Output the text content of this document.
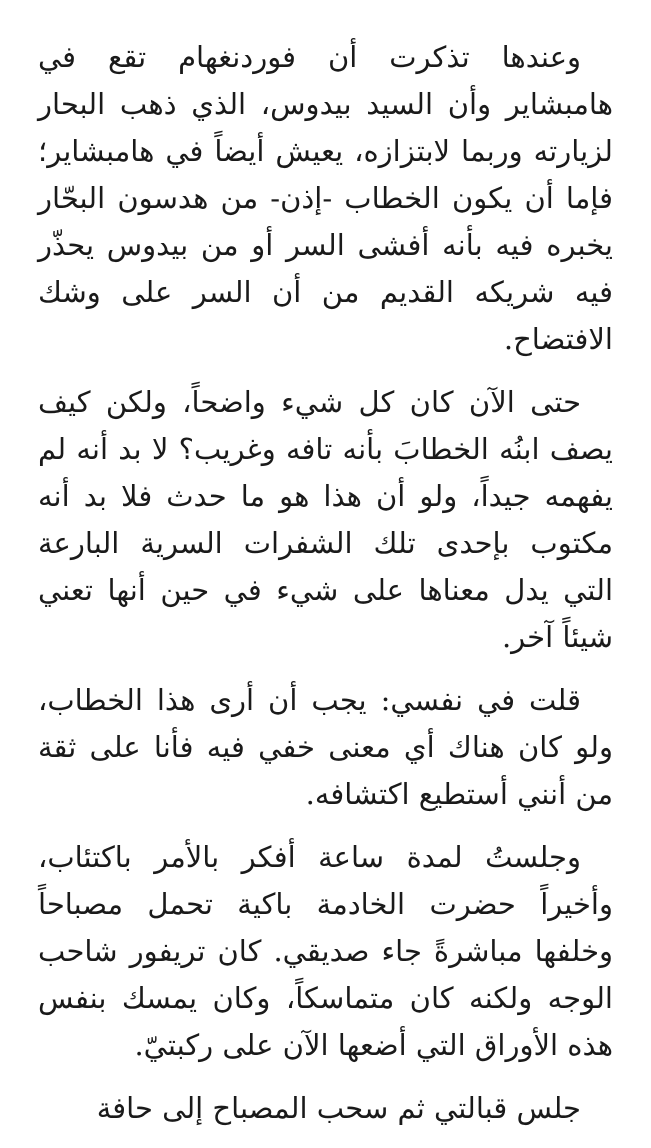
وعندها تذكرت أن فوردنغهام تقع في هامبشاير وأن السيد بيدوس، الذي ذهب البحار لزيارته وربما لابتزازه، يعيش أيضاً في هامبشاير؛ فإما أن يكون الخطاب -إذن- من هدسون البحّار يخبره فيه بأنه أفشى السر أو من بيدوس يحذّر فيه شريكه القديم من أن السر على وشك الافتضاح.

حتى الآن كان كل شيء واضحاً، ولكن كيف يصف ابنُه الخطابَ بأنه تافه وغريب؟ لا بد أنه لم يفهمه جيداً، ولو أن هذا هو ما حدث فلا بد أنه مكتوب بإحدى تلك الشفرات السرية البارعة التي يدل معناها على شيء في حين أنها تعني شيئاً آخر.

قلت في نفسي: يجب أن أرى هذا الخطاب، ولو كان هناك أي معنى خفي فيه فأنا على ثقة من أنني أستطيع اكتشافه.

وجلستُ لمدة ساعة أفكر بالأمر باكتئاب، وأخيراً حضرت الخادمة باكية تحمل مصباحاً وخلفها مباشرةً جاء صديقي. كان تريفور شاحب الوجه ولكنه كان متماسكاً، وكان يمسك بنفس هذه الأوراق التي أضعها الآن على ركبتيّ.

جلس قبالتي ثم سحب المصباح إلى حافة
